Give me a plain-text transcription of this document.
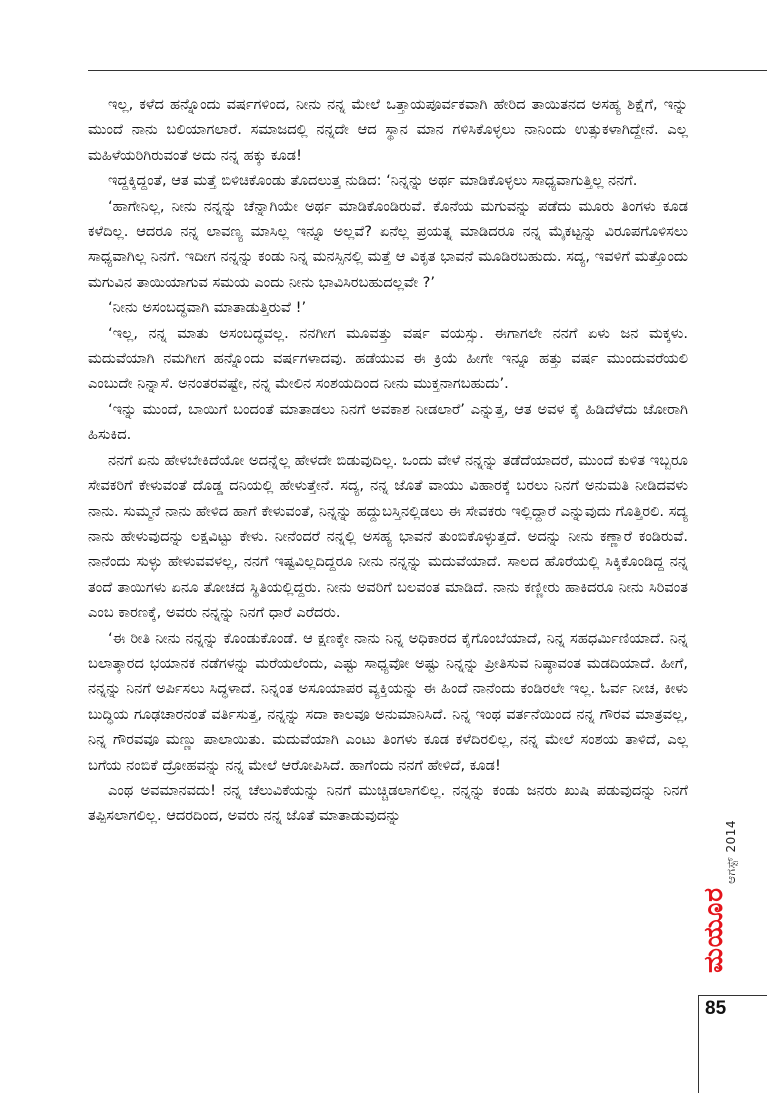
ಇಲ್ಲ, ಕಳೆದ ಹನ್ನೊಂದು ವರ್ಷಗಳಿಂದ, ನೀನು ನನ್ನ ಮೇಲೆ ಒತ್ತಾಯಪೂರ್ವಕವಾಗಿ ಹೇರಿದ ತಾಯಿತನದ ಅಸಹ್ಯ ಶಿಕ್ಷೆಗೆ, ಇನ್ನು ಮುಂದೆ ನಾನು ಬಲಿಯಾಗಲಾರೆ. ಸಮಾಜದಲ್ಲಿ ನನ್ನದೇ ಆದ ಸ್ಥಾನ ಮಾನ ಗಳಿಸಿಕೊಳ್ಳಲು ನಾನಿಂದು ಉತ್ಸುಕಳಾಗಿದ್ದೇನೆ. ಎಲ್ಲ ಮಹಿಳೆಯರಿಗಿರುವಂತೆ ಅದು ನನ್ನ ಹಕ್ಕು ಕೂಡ!

ಇದ್ದಕ್ಕಿದ್ದಂತೆ, ಆತ ಮತ್ತೆ ಬಿಳಿಚಿಕೊಂಡು ತೊದಲುತ್ತ ನುಡಿದ: ‘ನಿನ್ನನ್ನು ಅರ್ಥ ಮಾಡಿಕೊಳ್ಳಲು ಸಾಧ್ಯವಾಗುತ್ತಿಲ್ಲ ನನಗೆ.

‘ಹಾಗೇನಿಲ್ಲ, ನೀನು ನನ್ನನ್ನು ಚೆನ್ನಾಗಿಯೇ ಅರ್ಥ ಮಾಡಿಕೊಂಡಿರುವೆ. ಕೊನೆಯ ಮಗುವನ್ನು ಪಡೆದು ಮೂರು ತಿಂಗಳು ಕೂಡ ಕಳೆದಿಲ್ಲ. ಆದರೂ ನನ್ನ ಲಾವಣ್ಯ ಮಾಸಿಲ್ಲ ಇನ್ನೂ ಅಲ್ಲವೆ? ಏನೆಲ್ಲ ಪ್ರಯತ್ನ ಮಾಡಿದರೂ ನನ್ನ ಮೈಕಟ್ಟನ್ನು ವಿರೂಪಗೊಳಿಸಲು ಸಾಧ್ಯವಾಗಿಲ್ಲ ನಿನಗೆ. ಇದೀಗ ನನ್ನನ್ನು ಕಂಡು ನಿನ್ನ ಮನಸ್ಸಿನಲ್ಲಿ ಮತ್ತೆ ಆ ವಿಕೃತ ಭಾವನೆ ಮೂಡಿರಬಹುದು. ಸದ್ಯ, ಇವಳಿಗೆ ಮತ್ತೊಂದು ಮಗುವಿನ ತಾಯಿಯಾಗುವ ಸಮಯ ಎಂದು ನೀನು ಭಾವಿಸಿರಬಹುದಲ್ಲವೇ ?’

‘ನೀನು ಅಸಂಬದ್ಧವಾಗಿ ಮಾತಾಡುತ್ತಿರುವೆ !’

‘ಇಲ್ಲ, ನನ್ನ ಮಾತು ಅಸಂಬದ್ಧವಲ್ಲ. ನನಗೀಗ ಮೂವತ್ತು ವರ್ಷ ವಯಸ್ಸು. ಈಗಾಗಲೇ ನನಗೆ ಏಳು ಜನ ಮಕ್ಕಳು. ಮದುವೆಯಾಗಿ ನಮಗೀಗ ಹನ್ನೊಂದು ವರ್ಷಗಳಾದವು. ಹಡೆಯುವ ಈ ಕ್ರಿಯೆ ಹೀಗೇ ಇನ್ನೂ ಹತ್ತು ವರ್ಷ ಮುಂದುವರೆಯಲಿ ಎಂಬುದೇ ನಿನ್ನಾಸೆ. ಅನಂತರವಷ್ಟೇ, ನನ್ನ ಮೇಲಿನ ಸಂಶಯದಿಂದ ನೀನು ಮುಕ್ತನಾಗಬಹುದು’.

‘ಇನ್ನು ಮುಂದೆ, ಬಾಯಿಗೆ ಬಂದಂತೆ ಮಾತಾಡಲು ನಿನಗೆ ಅವಕಾಶ ನೀಡಲಾರೆ’ ಎನ್ನುತ್ತ, ಆತ ಅವಳ ಕೈ ಹಿಡಿದೆಳೆದು ಜೋರಾಗಿ ಹಿಸುಕಿದ.

ನನಗೆ ಏನು ಹೇಳಬೇಕಿದೆಯೋ ಅದನ್ನೆಲ್ಲ ಹೇಳದೇ ಬಿಡುವುದಿಲ್ಲ. ಒಂದು ವೇಳೆ ನನ್ನನ್ನು ತಡೆದೆಯಾದರೆ, ಮುಂದೆ ಕುಳಿತ ಇಬ್ಬರೂ ಸೇವಕರಿಗೆ ಕೇಳುವಂತೆ ದೊಡ್ಡ ದನಿಯಲ್ಲಿ ಹೇಳುತ್ತೇನೆ. ಸದ್ಯ, ನನ್ನ ಜೊತೆ ವಾಯು ವಿಹಾರಕ್ಕೆ ಬರಲು ನಿನಗೆ ಅನುಮತಿ ನೀಡಿದವಳು ನಾನು. ಸುಮ್ಮನೆ ನಾನು ಹೇಳಿದ ಹಾಗೆ ಕೇಳುವಂತೆ, ನಿನ್ನನ್ನು ಹದ್ದುಬಸ್ತಿನಲ್ಲಿಡಲು ಈ ಸೇವಕರು ಇಲ್ಲಿದ್ದಾರೆ ಎನ್ನುವುದು ಗೊತ್ತಿರಲಿ. ಸದ್ಯ ನಾನು ಹೇಳುವುದನ್ನು ಲಕ್ಷವಿಟ್ಟು ಕೇಳು. ನೀನೆಂದರೆ ನನ್ನಲ್ಲಿ ಅಸಹ್ಯ ಭಾವನೆ ತುಂಬಿಕೊಳ್ಳುತ್ತದೆ. ಅದನ್ನು ನೀನು ಕಣ್ಣಾರೆ ಕಂಡಿರುವೆ. ನಾನೆಂದು ಸುಳ್ಳು ಹೇಳುವವಳಲ್ಲ, ನನಗೆ ಇಷ್ಟವಿಲ್ಲದಿದ್ದರೂ ನೀನು ನನ್ನನ್ನು ಮದುವೆಯಾದೆ. ಸಾಲದ ಹೊರೆಯಲ್ಲಿ ಸಿಕ್ಕಿಕೊಂಡಿದ್ದ ನನ್ನ ತಂದೆ ತಾಯಿಗಳು ಏನೂ ತೋಚದ ಸ್ಥಿತಿಯಲ್ಲಿದ್ದರು. ನೀನು ಅವರಿಗೆ ಬಲವಂತ ಮಾಡಿದೆ. ನಾನು ಕಣ್ಣೀರು ಹಾಕಿದರೂ ನೀನು ಸಿರಿವಂತ ಎಂಬ ಕಾರಣಕ್ಕೆ, ಅವರು ನನ್ನನ್ನು ನಿನಗೆ ಧಾರೆ ಎರೆದರು.

‘ಈ ರೀತಿ ನೀನು ನನ್ನನ್ನು ಕೊಂಡುಕೊಂಡೆ. ಆ ಕ್ಷಣಕ್ಕೇ ನಾನು ನಿನ್ನ ಅಧಿಕಾರದ ಕೈಗೊಂಬೆಯಾದೆ, ನಿನ್ನ ಸಹಧರ್ಮಿಣಿಯಾದೆ. ನಿನ್ನ ಬಲಾತ್ಕಾರದ ಭಯಾನಕ ನಡೆಗಳನ್ನು ಮರೆಯಲೆಂದು, ಎಷ್ಟು ಸಾಧ್ಯವೋ ಅಷ್ಟು ನಿನ್ನನ್ನು ಪ್ರೀತಿಸುವ ನಿಷ್ಠಾವಂತ ಮಡದಿಯಾದೆ. ಹೀಗೆ, ನನ್ನನ್ನು ನಿನಗೆ ಅರ್ಪಿಸಲು ಸಿದ್ಧಳಾದೆ. ನಿನ್ನಂತ ಅಸೂಯಾಪರ ವ್ಯಕ್ತಿಯನ್ನು ಈ ಹಿಂದೆ ನಾನೆಂದು ಕಂಡಿರಲೇ ಇಲ್ಲ. ಓರ್ವ ನೀಚ, ಕೀಳು ಬುದ್ಧಿಯ ಗೂಢಚಾರನಂತೆ ವರ್ತಿಸುತ್ತ, ನನ್ನನ್ನು ಸದಾ ಕಾಲವೂ ಅನುಮಾನಿಸಿದೆ. ನಿನ್ನ ಇಂಥ ವರ್ತನೆಯಿಂದ ನನ್ನ ಗೌರವ ಮಾತ್ರವಲ್ಲ, ನಿನ್ನ ಗೌರವವೂ ಮಣ್ಣು ಪಾಲಾಯಿತು. ಮದುವೆಯಾಗಿ ಎಂಟು ತಿಂಗಳು ಕೂಡ ಕಳೆದಿರಲಿಲ್ಲ, ನನ್ನ ಮೇಲೆ ಸಂಶಯ ತಾಳಿದೆ, ಎಲ್ಲ ಬಗೆಯ ನಂಬಿಕೆ ದ್ರೋಹವನ್ನು ನನ್ನ ಮೇಲೆ ಆರೋಪಿಸಿದೆ. ಹಾಗೆಂದು ನನಗೆ ಹೇಳಿದೆ, ಕೂಡ!

ಎಂಥ ಅವಮಾನವದು! ನನ್ನ ಚೆಲುವಿಕೆಯನ್ನು ನಿನಗೆ ಮುಚ್ಚಿಡಲಾಗಲಿಲ್ಲ. ನನ್ನನ್ನು ಕಂಡು ಜನರು ಖುಷಿ ಪಡುವುದನ್ನು ನಿನಗೆ ತಪ್ಪಿಸಲಾಗಲಿಲ್ಲ. ಆದರದಿಂದ, ಅವರು ನನ್ನ ಜೊತೆ ಮಾತಾಡುವುದನ್ನು

ಆಗಸ್ಟ್ 2014
ಮಯೂರ
85
